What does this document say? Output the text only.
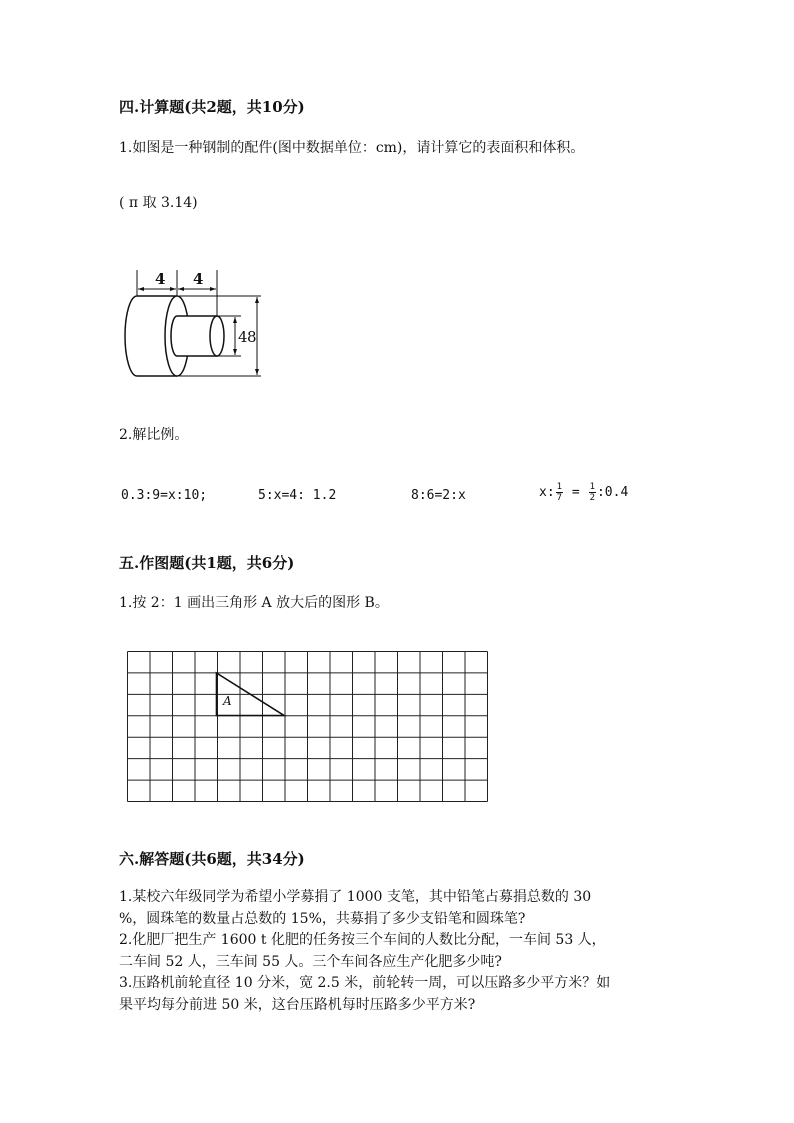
四.计算题(共2题，共10分)
1.如图是一种钢制的配件(图中数据单位：cm)，请计算它的表面积和体积。
( π 取 3.14)
4 4
4 8
2.解比例。
0.3:9=x:10;	5:x=4: 1.2	8:6=2:x	x: $\frac{1}{7} = \frac{1}{2}$ :0.4
五.作图题(共1题，共6分)
1.按 2：1 画出三角形 A 放大后的图形 B。
A
六.解答题(共6题，共34分)
1.某校六年级同学为希望小学募捐了 1000 支笔，其中铅笔占募捐总数的 30
%，圆珠笔的数量占总数的 15%，共募捐了多少支铅笔和圆珠笔?
2.化肥厂把生产 1600 t 化肥的任务按三个车间的人数比分配，一车间 53 人，
二车间 52 人，三车间 55 人。三个车间各应生产化肥多少吨?
3.压路机前轮直径 10 分米，宽 2.5 米，前轮转一周，可以压路多少平方米？如
果平均每分前进 50 米，这台压路机每时压路多少平方米?
